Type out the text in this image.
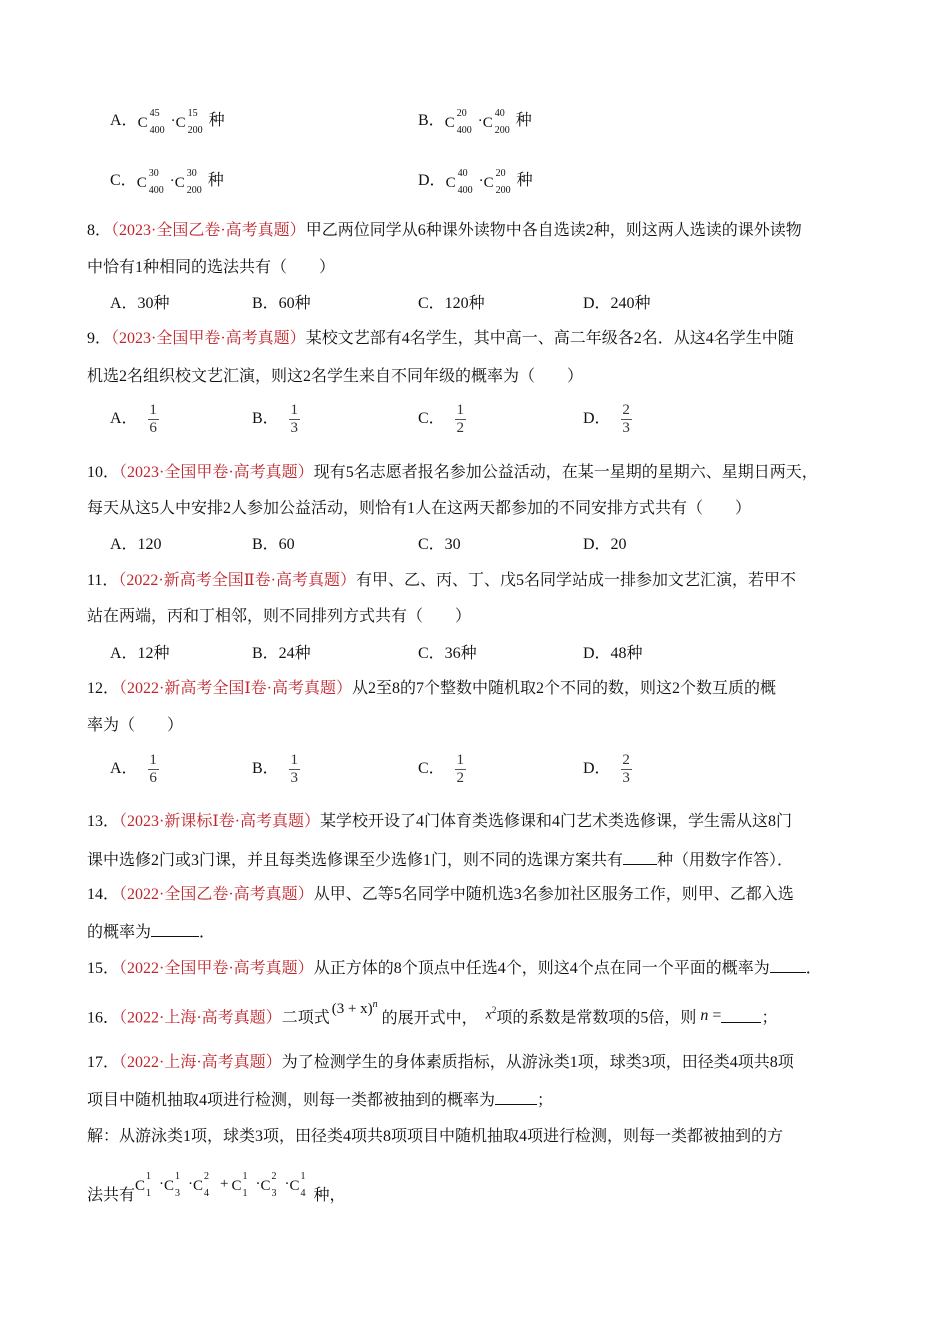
A． C
45
400
· C
15
200
种	B． C
20
400
· C
40
200
种
C． C
30
400
· C
30
200
种	D． C
40
400
· C
20
200
种
8．（2023·全国乙卷·高考真题）甲乙两位同学从6种课外读物中各自选读2种，则这两人选读的课外读物
中恰有1种相同的选法共有（　　）
A．30种	B．60种	C．120种	D．240种
9．（2023·全国甲卷·高考真题）某校文艺部有4名学生，其中高一、高二年级各2名．从这4名学生中随
机选2名组织校文艺汇演，则这2名学生来自不同年级的概率为（　　）
A． $\frac{1}{6}$	B． $\frac{1}{3}$	C． $\frac{1}{2}$	D． $\frac{2}{3}$
10．（2023·全国甲卷·高考真题）现有5名志愿者报名参加公益活动，在某一星期的星期六、星期日两天，
每天从这5人中安排2人参加公益活动，则恰有1人在这两天都参加的不同安排方式共有（　　）
A．120	B．60	C．30	D．20
11．（2022·新高考全国Ⅱ卷·高考真题）有甲、乙、丙、丁、戊5名同学站成一排参加文艺汇演，若甲不
站在两端，丙和丁相邻，则不同排列方式共有（　　）
A．12种	B．24种	C．36种	D．48种
12．（2022·新高考全国Ⅰ卷·高考真题）从2至8的7个整数中随机取2个不同的数，则这2个数互质的概
率为（　　）
A． $\frac{1}{6}$	B． $\frac{1}{3}$	C． $\frac{1}{2}$	D． $\frac{2}{3}$
13．（2023·新课标Ⅰ卷·高考真题）某学校开设了4门体育类选修课和4门艺术类选修课，学生需从这8门
课中选修2门或3门课，并且每类选修课至少选修1门，则不同的选课方案共有 种（用数字作答）．
14．（2022·全国乙卷·高考真题）从甲、乙等5名同学中随机选3名参加社区服务工作，则甲、乙都入选
的概率为	．
15．（2022·全国甲卷·高考真题）从正方体的8个顶点中任选4个，则这4个点在同一个平面的概率为 ．
16．（2022·上海·高考真题）二项式$(3 + x)^n$的展开式中， $x^2$项的系数是常数项的5倍，则 n =	；
17．（2022·上海·高考真题）为了检测学生的身体素质指标，从游泳类1项，球类3项，田径类4项共8项
项目中随机抽取4项进行检测，则每一类都被抽到的概率为	；
解：从游泳类1项，球类3项，田径类4项共8项项目中随机抽取4项进行检测，则每一类都被抽到的方
法共有
C
1
1
· C
1
3
· C
2
4
+ C
1
1
· C
2
3
· C
1
4 种，
